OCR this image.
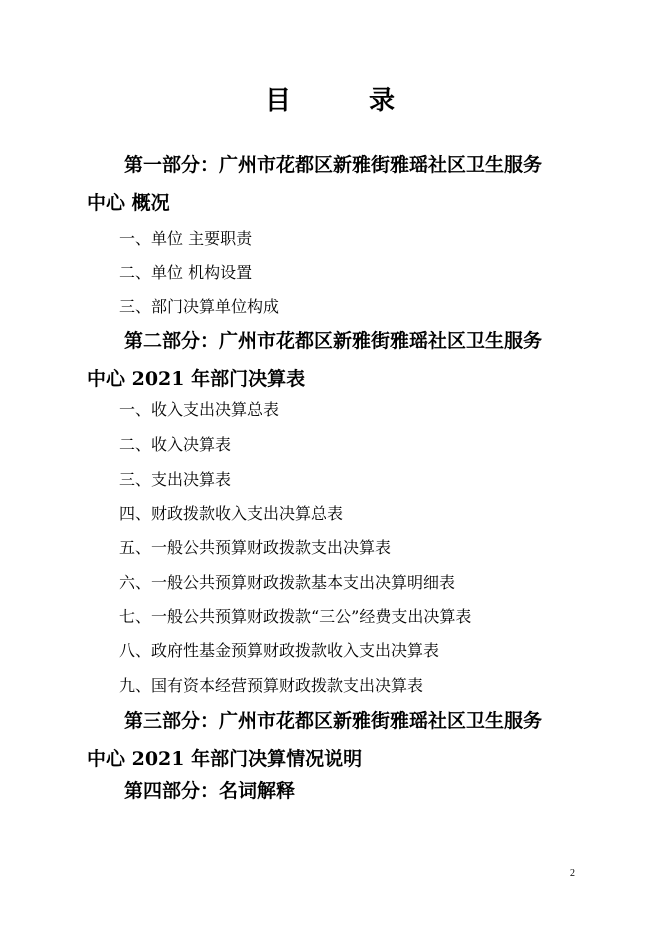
目	录
第一部分：广州市花都区新雅街雅瑶社区卫生服务
中心 概况
一、单位 主要职责
二、单位 机构设置
三、部门决算单位构成
第二部分：广州市花都区新雅街雅瑶社区卫生服务
中心 2021 年部门决算表
一、收入支出决算总表
二、收入决算表
三、支出决算表
四、财政拨款收入支出决算总表
五、一般公共预算财政拨款支出决算表
六、一般公共预算财政拨款基本支出决算明细表
七、一般公共预算财政拨款“三公”经费支出决算表
八、政府性基金预算财政拨款收入支出决算表
九、国有资本经营预算财政拨款支出决算表
第三部分：广州市花都区新雅街雅瑶社区卫生服务
中心 2021 年部门决算情况说明
第四部分：名词解释
2
